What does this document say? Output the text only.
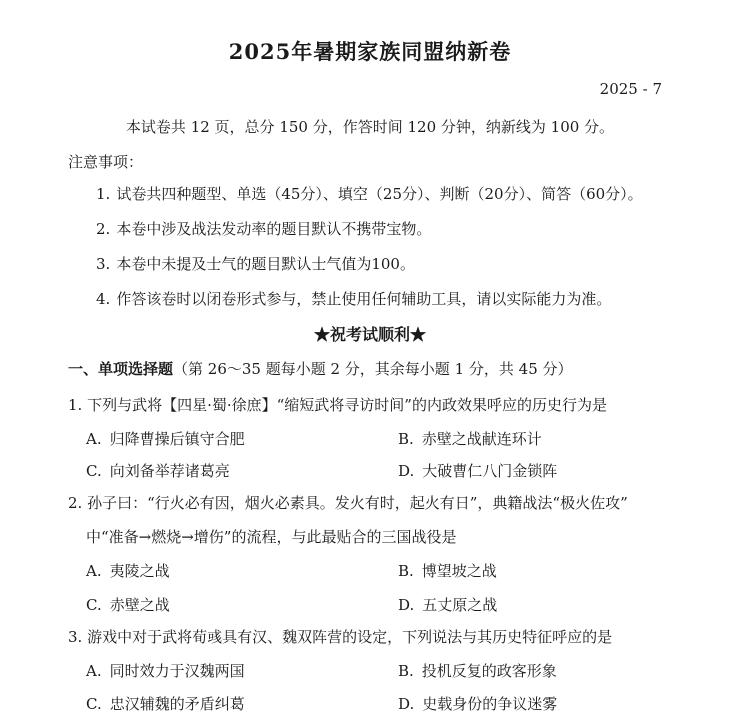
2025年暑期家族同盟纳新卷
2025 - 7
本试卷共 12 页，总分 150 分，作答时间 120 分钟，纳新线为 100 分。
注意事项：
1. 试卷共四种题型、单选（45分）、填空（25分）、判断（20分）、简答（60分）。
2. 本卷中涉及战法发动率的题目默认不携带宝物。
3. 本卷中未提及士气的题目默认士气值为100。
4. 作答该卷时以闭卷形式参与，禁止使用任何辅助工具，请以实际能力为准。
★祝考试顺利★
一、单项选择题（第 26～35 题每小题 2 分，其余每小题 1 分，共 45 分）
1. 下列与武将【四星·蜀·徐庶】“缩短武将寻访时间”的内政效果呼应的历史行为是
A. 归降曹操后镇守合肥	B. 赤壁之战献连环计
C. 向刘备举荐诸葛亮	D. 大破曹仁八门金锁阵
2. 孙子曰：“行火必有因，烟火必素具。发火有时，起火有日”，典籍战法“极火佐攻”
中“准备→燃烧→增伤”的流程，与此最贴合的三国战役是
A. 夷陵之战	B. 博望坡之战
C. 赤壁之战	D. 五丈原之战
3. 游戏中对于武将荀彧具有汉、魏双阵营的设定，下列说法与其历史特征呼应的是
A. 同时效力于汉魏两国	B. 投机反复的政客形象
C. 忠汉辅魏的矛盾纠葛	D. 史载身份的争议迷雾
